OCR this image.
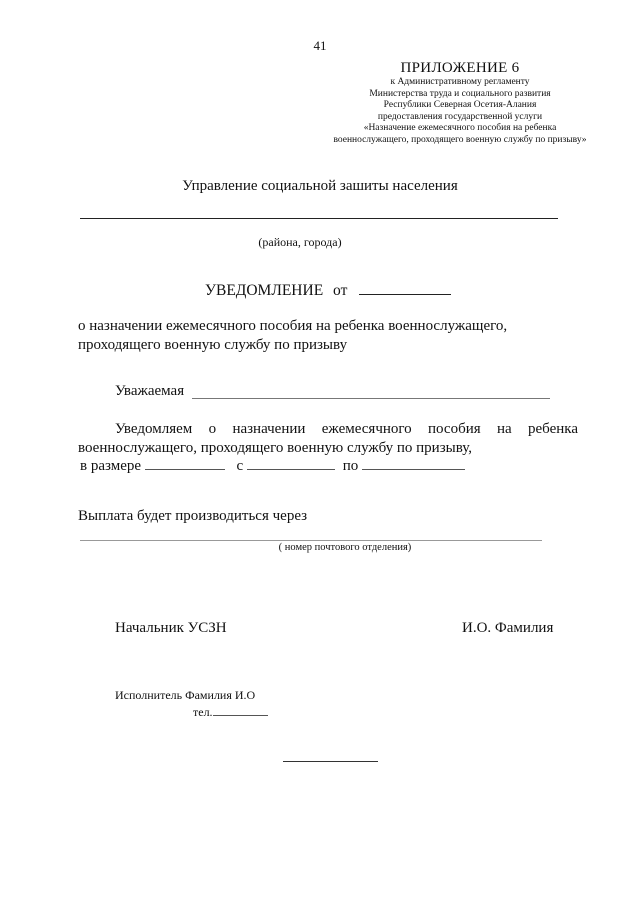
41
ПРИЛОЖЕНИЕ 6
к Административному регламенту
Министерства труда и социального развития
Республики Северная Осетия-Алания
предоставления государственной услуги
«Назначение ежемесячного пособия на ребенка
военнослужащего, проходящего военную службу по призыву»
Управление социальной зашиты населения
(района, города)
УВЕДОМЛЕНИЕ от
о назначении ежемесячного пособия на ребенка военнослужащего, проходящего военную службу по призыву
Уважаемая
Уведомляем о назначении ежемесячного пособия на ребенка военнослужащего, проходящего военную службу по призыву,
в размере	с	по
Выплата будет производиться через
( номер почтового отделения)
Начальник УСЗН	И.О. Фамилия
Исполнитель Фамилия И.О
тел.
